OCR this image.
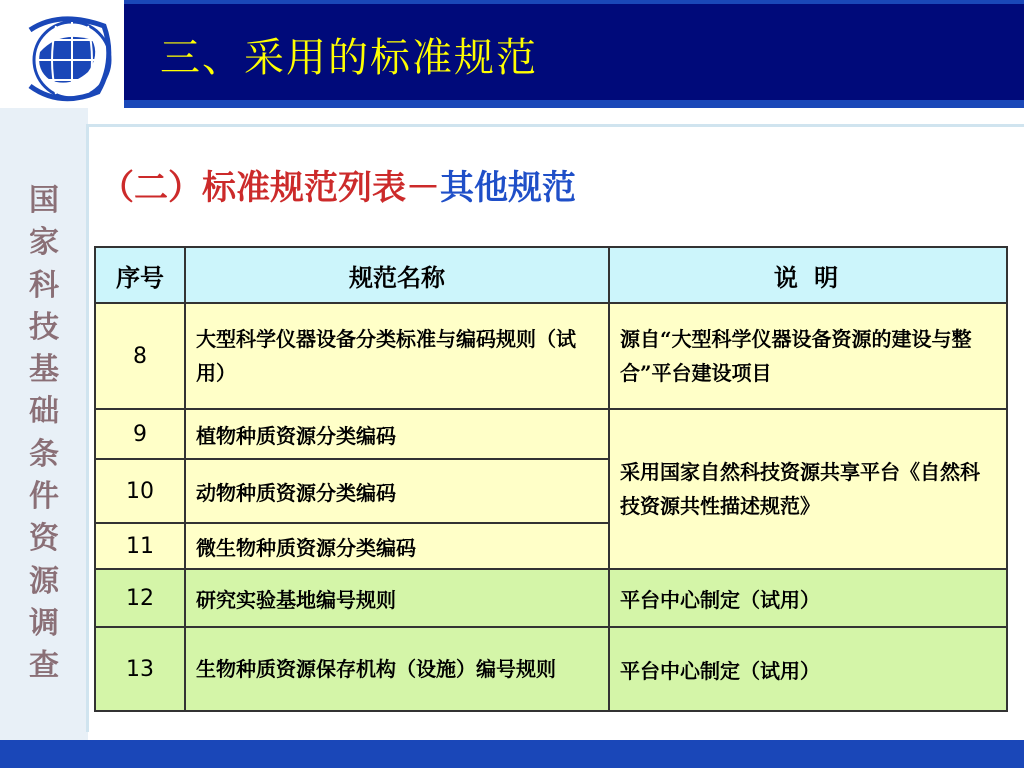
三、采用的标准规范
国
家
科
技
基
础
条
件
资
源
调
查
（二）标准规范列表－其他规范
序号	规范名称	说 明
8	大型科学仪器设备分类标准与编码规则（试用）	源自“大型科学仪器设备资源的建设与整合”平台建设项目
9	植物种质资源分类编码	采用国家自然科技资源共享平台《自然科技资源共性描述规范》
10	动物种质资源分类编码	
11	微生物种质资源分类编码	
12	研究实验基地编号规则	平台中心制定（试用）
13	生物种质资源保存机构（设施）编号规则	平台中心制定（试用）
